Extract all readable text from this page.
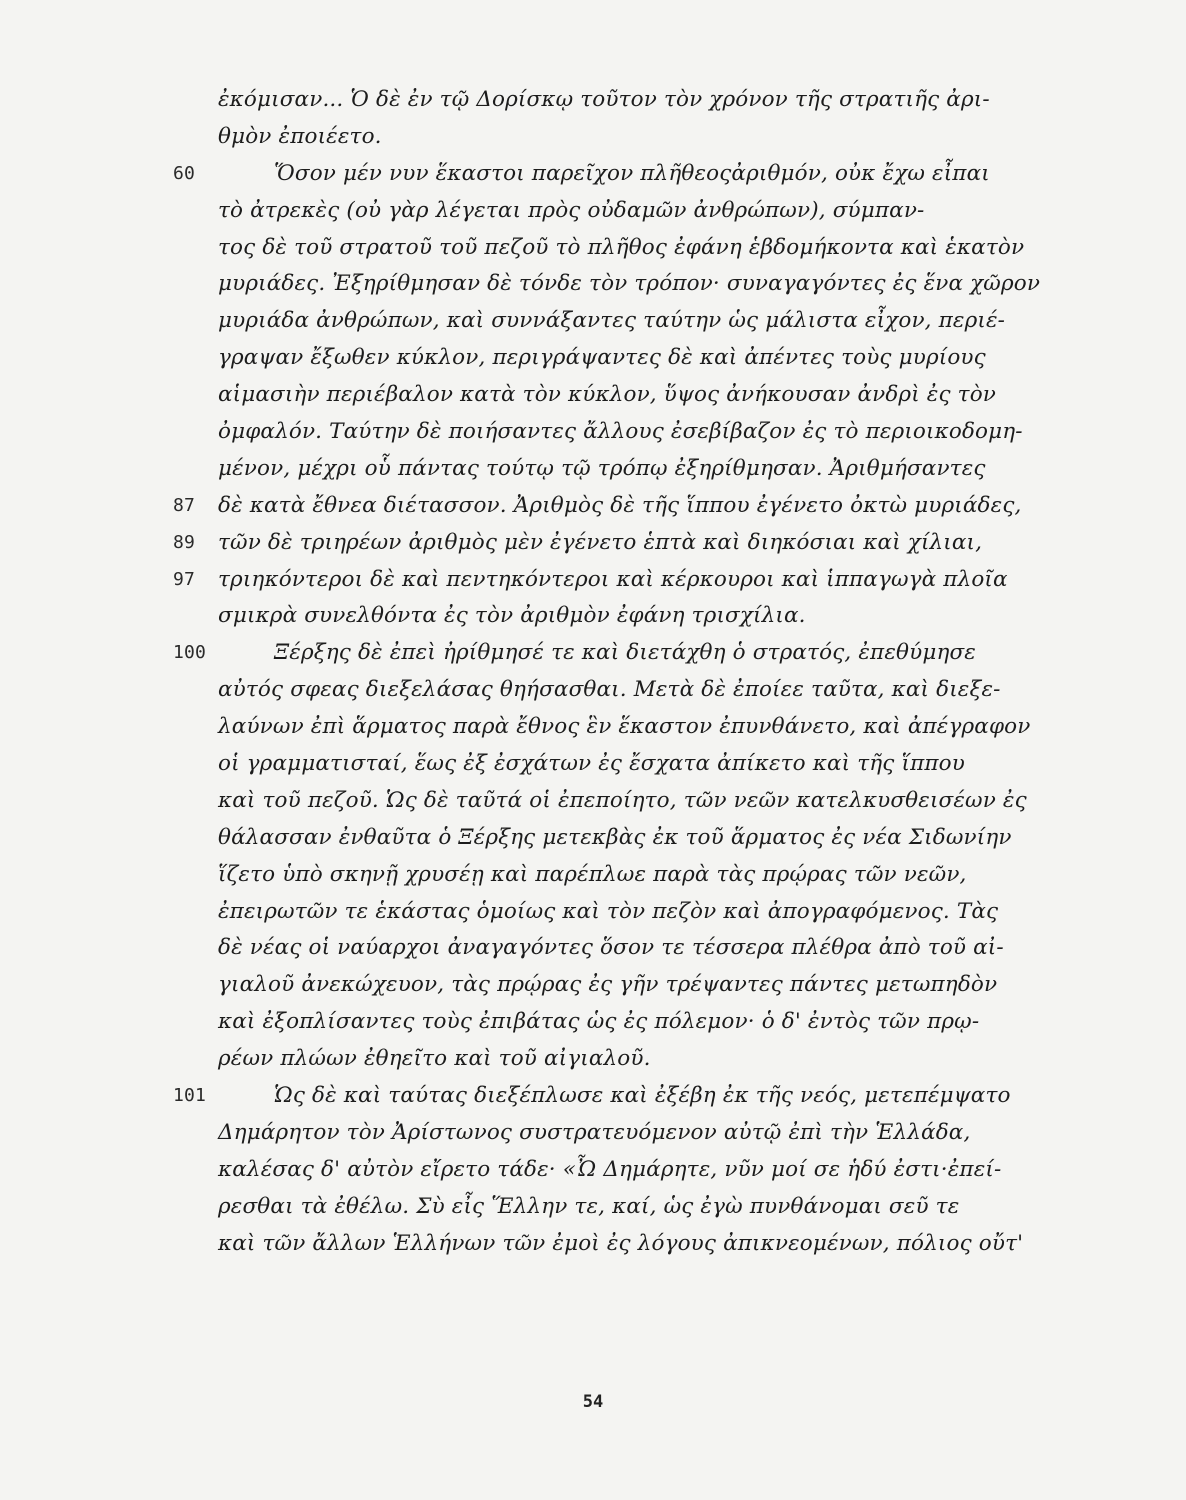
ἐκόμισαν... Ὁ δὲ ἐν τῷ Δορίσκῳ τοῦτον τὸν χρόνον τῆς στρατιῆς ἀρι-
θμὸν ἐποιέετο.
60	Ὅσον μέν νυν ἕκαστοι παρεῖχον πλῆθεοςἀριθμόν, οὐκ ἔχω εἶπαι
τὸ ἀτρεκὲς (οὐ γὰρ λέγεται πρὸς οὐδαμῶν ἀνθρώπων), σύμπαν-
τος δὲ τοῦ στρατοῦ τοῦ πεζοῦ τὸ πλῆθος ἐφάνη ἑβδομήκοντα καὶ ἑκατὸν
μυριάδες. Ἐξηρίθμησαν δὲ τόνδε τὸν τρόπον· συναγαγόντες ἐς ἕνα χῶρον
μυριάδα ἀνθρώπων, καὶ συννάξαντες ταύτην ὡς μάλιστα εἶχον, περιέ-
γραψαν ἔξωθεν κύκλον, περιγράψαντες δὲ καὶ ἀπέντες τοὺς μυρίους
αἱμασιὴν περιέβαλον κατὰ τὸν κύκλον, ὕψος ἀνήκουσαν ἀνδρὶ ἐς τὸν
ὀμφαλόν. Ταύτην δὲ ποιήσαντες ἄλλους ἐσεβίβαζον ἐς τὸ περιοικοδομη-
μένον, μέχρι οὗ πάντας τούτῳ τῷ τρόπῳ ἐξηρίθμησαν. Ἀριθμήσαντες
87 δὲ κατὰ ἔθνεα διέτασσον. Ἀριθμὸς δὲ τῆς ἵππου ἐγένετο ὀκτὼ μυριάδες,
89 τῶν δὲ τριηρέων ἀριθμὸς μὲν ἐγένετο ἑπτὰ καὶ διηκόσιαι καὶ χίλιαι,
97 τριηκόντεροι δὲ καὶ πεντηκόντεροι καὶ κέρκουροι καὶ ἱππαγωγὰ πλοῖα
σμικρὰ συνελθόντα ἐς τὸν ἀριθμὸν ἐφάνη τρισχίλια.
100	Ξέρξης δὲ ἐπεὶ ἠρίθμησέ τε καὶ διετάχθη ὁ στρατός, ἐπεθύμησε
αὐτός σφεας διεξελάσας θηήσασθαι. Μετὰ δὲ ἐποίεε ταῦτα, καὶ διεξε-
λαύνων ἐπὶ ἅρματος παρὰ ἔθνος ἓν ἕκαστον ἐπυνθάνετο, καὶ ἀπέγραφον
οἱ γραμματισταί, ἕως ἐξ ἐσχάτων ἐς ἔσχατα ἀπίκετο καὶ τῆς ἵππου
καὶ τοῦ πεζοῦ. Ὡς δὲ ταῦτά οἱ ἐπεποίητο, τῶν νεῶν κατελκυσθεισέων ἐς
θάλασσαν ἐνθαῦτα ὁ Ξέρξης μετεκβὰς ἐκ τοῦ ἅρματος ἐς νέα Σιδωνίην
ἵζετο ὑπὸ σκηνῇ χρυσέῃ καὶ παρέπλωε παρὰ τὰς πρῴρας τῶν νεῶν,
ἐπειρωτῶν τε ἑκάστας ὁμοίως καὶ τὸν πεζὸν καὶ ἀπογραφόμενος. Τὰς
δὲ νέας οἱ ναύαρχοι ἀναγαγόντες ὅσον τε τέσσερα πλέθρα ἀπὸ τοῦ αἰ-
γιαλοῦ ἀνεκώχευον, τὰς πρῴρας ἐς γῆν τρέψαντες πάντες μετωπηδὸν
καὶ ἐξοπλίσαντες τοὺς ἐπιβάτας ὡς ἐς πόλεμον· ὁ δ' ἐντὸς τῶν πρῳ-
ρέων πλώων ἐθηεῖτο καὶ τοῦ αἰγιαλοῦ.
101	Ὡς δὲ καὶ ταύτας διεξέπλωσε καὶ ἐξέβη ἐκ τῆς νεός, μετεπέμψατο
Δημάρητον τὸν Ἀρίστωνος συστρατευόμενον αὐτῷ ἐπὶ τὴν Ἑλλάδα,
καλέσας δ' αὐτὸν εἴρετο τάδε· «Ὦ Δημάρητε, νῦν μοί σε ἡδύ ἐστι·ἐπεί-
ρεσθαι τὰ ἐθέλω. Σὺ εἶς Ἕλλην τε, καί, ὡς ἐγὼ πυνθάνομαι σεῦ τε
καὶ τῶν ἄλλων Ἑλλήνων τῶν ἐμοὶ ἐς λόγους ἀπικνεομένων, πόλιος οὔτ'
54
